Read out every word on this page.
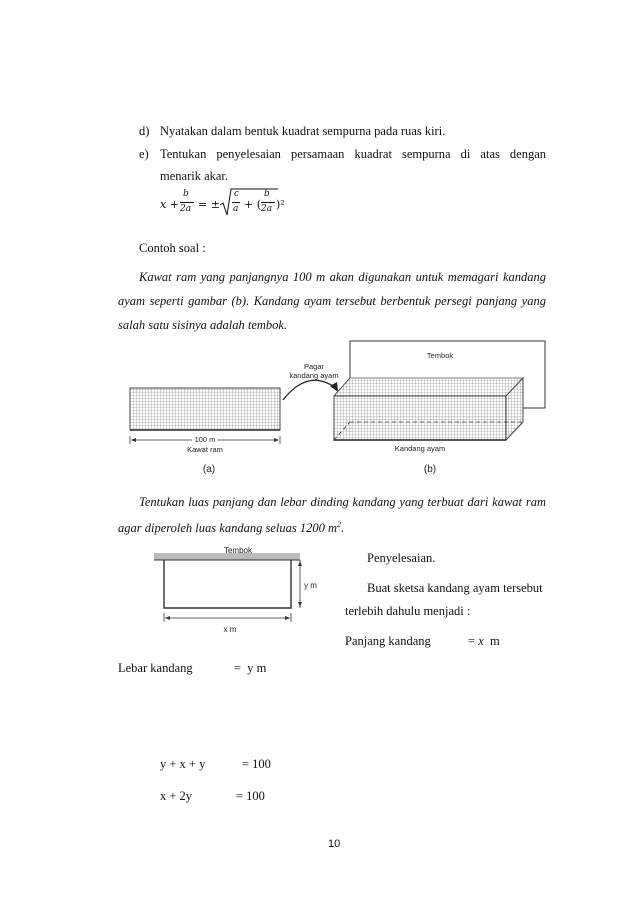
d) Nyatakan dalam bentuk kuadrat sempurna pada ruas kiri.
e) Tentukan penyelesaian persamaan kuadrat sempurna di atas dengan
menarik akar.
x +
b
2a = ±
c
a + (
b
2a )²
Contoh soal :
Kawat ram yang panjangnya 100 m akan digunakan untuk memagari kandang
ayam seperti gambar (b). Kandang ayam tersebut berbentuk persegi panjang yang
salah satu sisinya adalah tembok.
100 m
Kawat ram
Pagar
kandang ayam
Tembok
Kandang ayam
(a)	(b)
Tentukan luas panjang dan lebar dinding kandang yang terbuat dari kawat ram
agar diperoleh luas kandang seluas 1200 $m^2$.
Tembok
y m
x m
Penyelesaian.
Buat sketsa kandang ayam tersebut
terlebih dahulu menjadi :
Panjang kandang	= x  m
Lebar kandang	=  y m
y + x + y	= 100
x + 2y	= 100
10
